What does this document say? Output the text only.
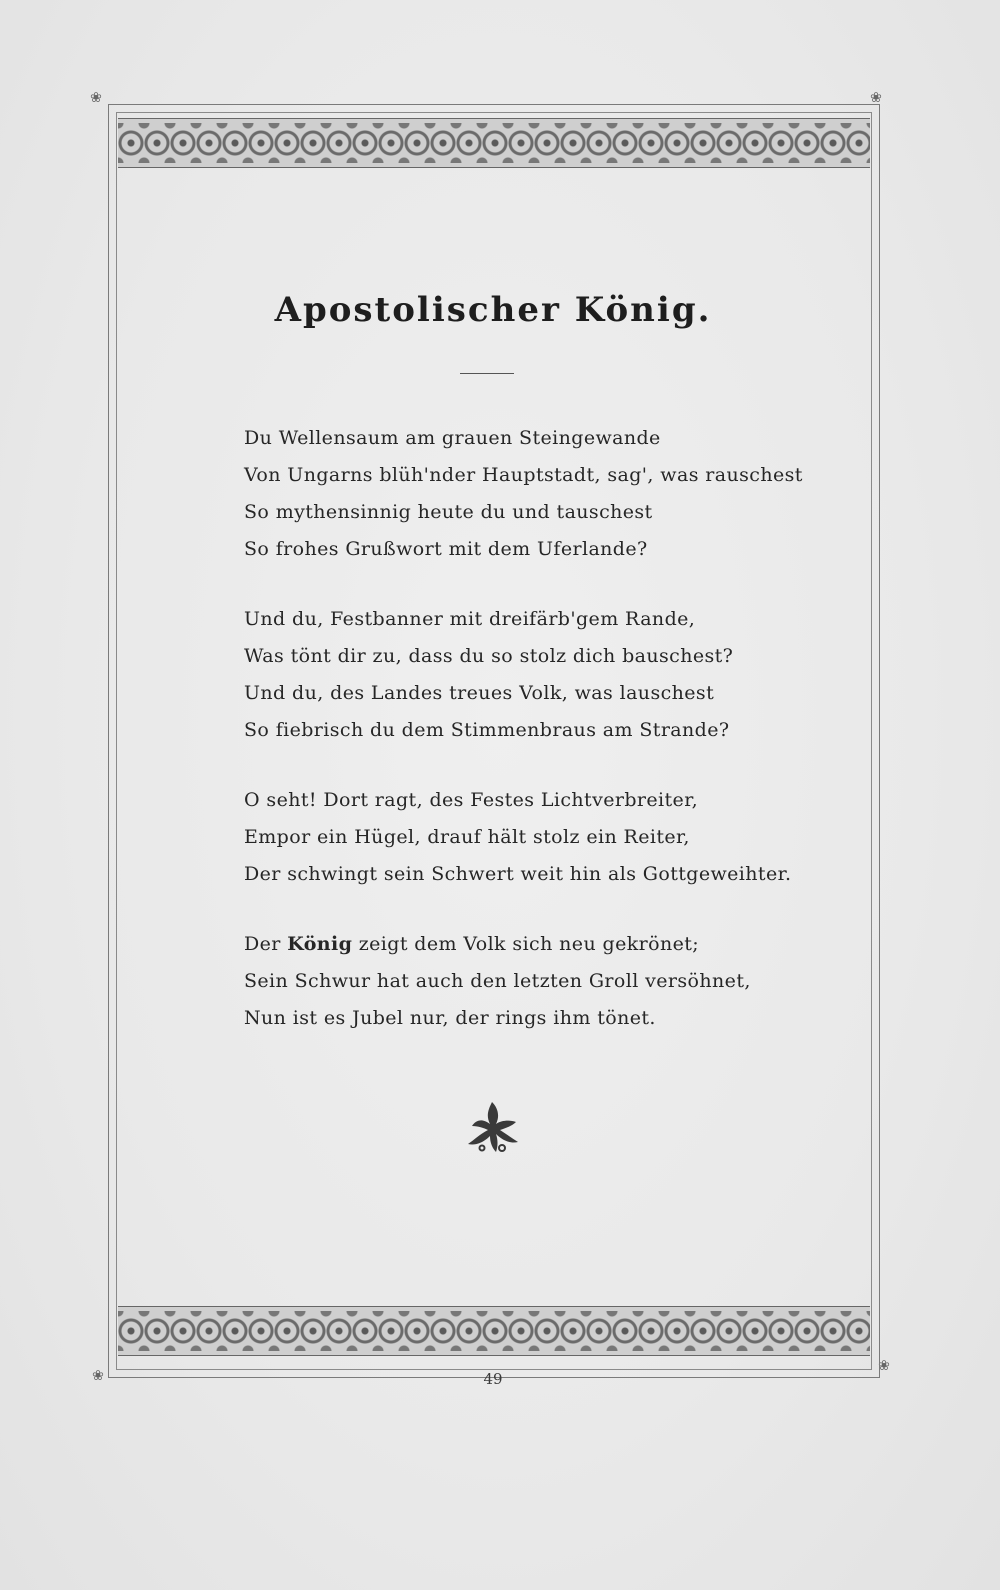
❀	❀
❀
❀
Apostolischer König.
Du Wellensaum am grauen Steingewande
Von Ungarns blüh'nder Hauptstadt, sag', was rauschest
So mythensinnig heute du und tauschest
So frohes Grußwort mit dem Uferlande?
Und du, Festbanner mit dreifärb'gem Rande,
Was tönt dir zu, dass du so stolz dich bauschest?
Und du, des Landes treues Volk, was lauschest
So fiebrisch du dem Stimmenbraus am Strande?
O seht! Dort ragt, des Festes Lichtverbreiter,
Empor ein Hügel, drauf hält stolz ein Reiter,
Der schwingt sein Schwert weit hin als Gottgeweihter.
Der König zeigt dem Volk sich neu gekrönet;
Sein Schwur hat auch den letzten Groll versöhnet,
Nun ist es Jubel nur, der rings ihm tönet.
49
